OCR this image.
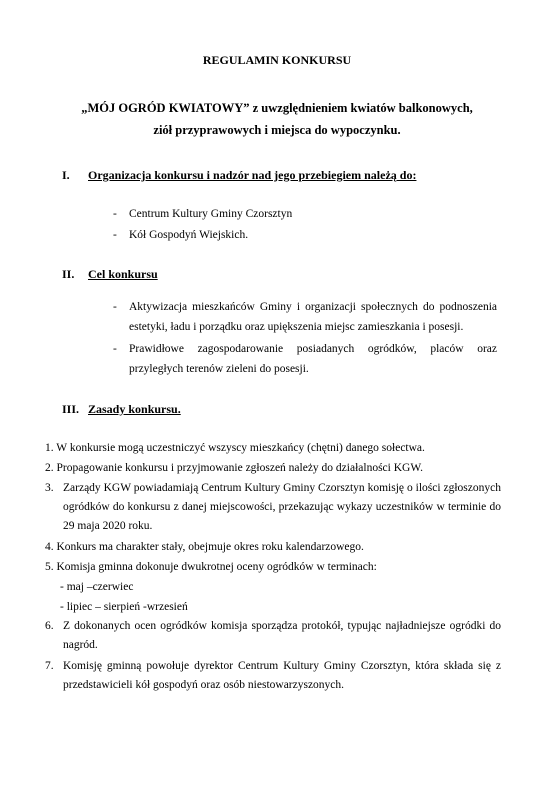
REGULAMIN KONKURSU
„MÓJ OGRÓD KWIATOWY” z uwzględnieniem kwiatów balkonowych,
ziół przyprawowych i miejsca do wypoczynku.
I. Organizacja konkursu i nadzór nad jego przebiegiem należą do:
- Centrum Kultury Gminy Czorsztyn
- Kół Gospodyń Wiejskich.
II. Cel konkursu
- Aktywizacja mieszkańców Gminy i organizacji społecznych do podnoszenia estetyki, ładu i porządku oraz upiększenia miejsc zamieszkania i posesji.
- Prawidłowe zagospodarowanie posiadanych ogródków, placów oraz przyległych terenów zieleni do posesji.
III. Zasady konkursu.
1. W konkursie mogą uczestniczyć wszyscy mieszkańcy (chętni) danego sołectwa.
2. Propagowanie konkursu i przyjmowanie zgłoszeń należy do działalności KGW.
3. Zarządy KGW powiadamiają Centrum Kultury Gminy Czorsztyn komisję o ilości zgłoszonych ogródków do konkursu z danej miejscowości, przekazując wykazy uczestników w terminie do 29 maja 2020 roku.
4. Konkurs ma charakter stały, obejmuje okres roku kalendarzowego.
5. Komisja gminna dokonuje dwukrotnej oceny ogródków w terminach:
- maj –czerwiec
- lipiec – sierpień -wrzesień
6. Z dokonanych ocen ogródków komisja sporządza protokół, typując najładniejsze ogródki do nagród.
7. Komisję gminną powołuje dyrektor Centrum Kultury Gminy Czorsztyn, która składa się z przedstawicieli kół gospodyń oraz osób niestowarzyszonych.
